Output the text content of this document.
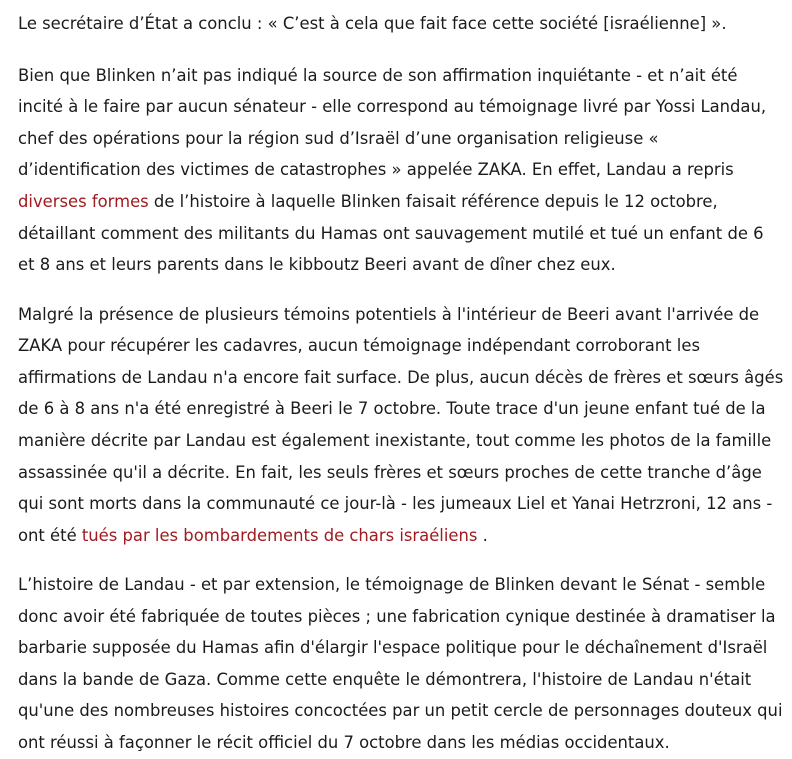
Le secrétaire d’État a conclu : « C’est à cela que fait face cette société [israélienne] ».

Bien que Blinken n’ait pas indiqué la source de son affirmation inquiétante - et n’ait été incité à le faire par aucun sénateur - elle correspond au témoignage livré par Yossi Landau, chef des opérations pour la région sud d’Israël d’une organisation religieuse « d’identification des victimes de catastrophes » appelée ZAKA. En effet, Landau a repris diverses formes de l’histoire à laquelle Blinken faisait référence depuis le 12 octobre, détaillant comment des militants du Hamas ont sauvagement mutilé et tué un enfant de 6 et 8 ans et leurs parents dans le kibboutz Beeri avant de dîner chez eux.

Malgré la présence de plusieurs témoins potentiels à l'intérieur de Beeri avant l'arrivée de ZAKA pour récupérer les cadavres, aucun témoignage indépendant corroborant les affirmations de Landau n'a encore fait surface. De plus, aucun décès de frères et sœurs âgés de 6 à 8 ans n'a été enregistré à Beeri le 7 octobre. Toute trace d'un jeune enfant tué de la manière décrite par Landau est également inexistante, tout comme les photos de la famille assassinée qu'il a décrite. En fait, les seuls frères et sœurs proches de cette tranche d’âge qui sont morts dans la communauté ce jour-là - les jumeaux Liel et Yanai Hetrzroni, 12 ans - ont été tués par les bombardements de chars israéliens .

L’histoire de Landau - et par extension, le témoignage de Blinken devant le Sénat - semble donc avoir été fabriquée de toutes pièces ; une fabrication cynique destinée à dramatiser la barbarie supposée du Hamas afin d'élargir l'espace politique pour le déchaînement d'Israël dans la bande de Gaza. Comme cette enquête le démontrera, l'histoire de Landau n'était qu'une des nombreuses histoires concoctées par un petit cercle de personnages douteux qui ont réussi à façonner le récit officiel du 7 octobre dans les médias occidentaux.
